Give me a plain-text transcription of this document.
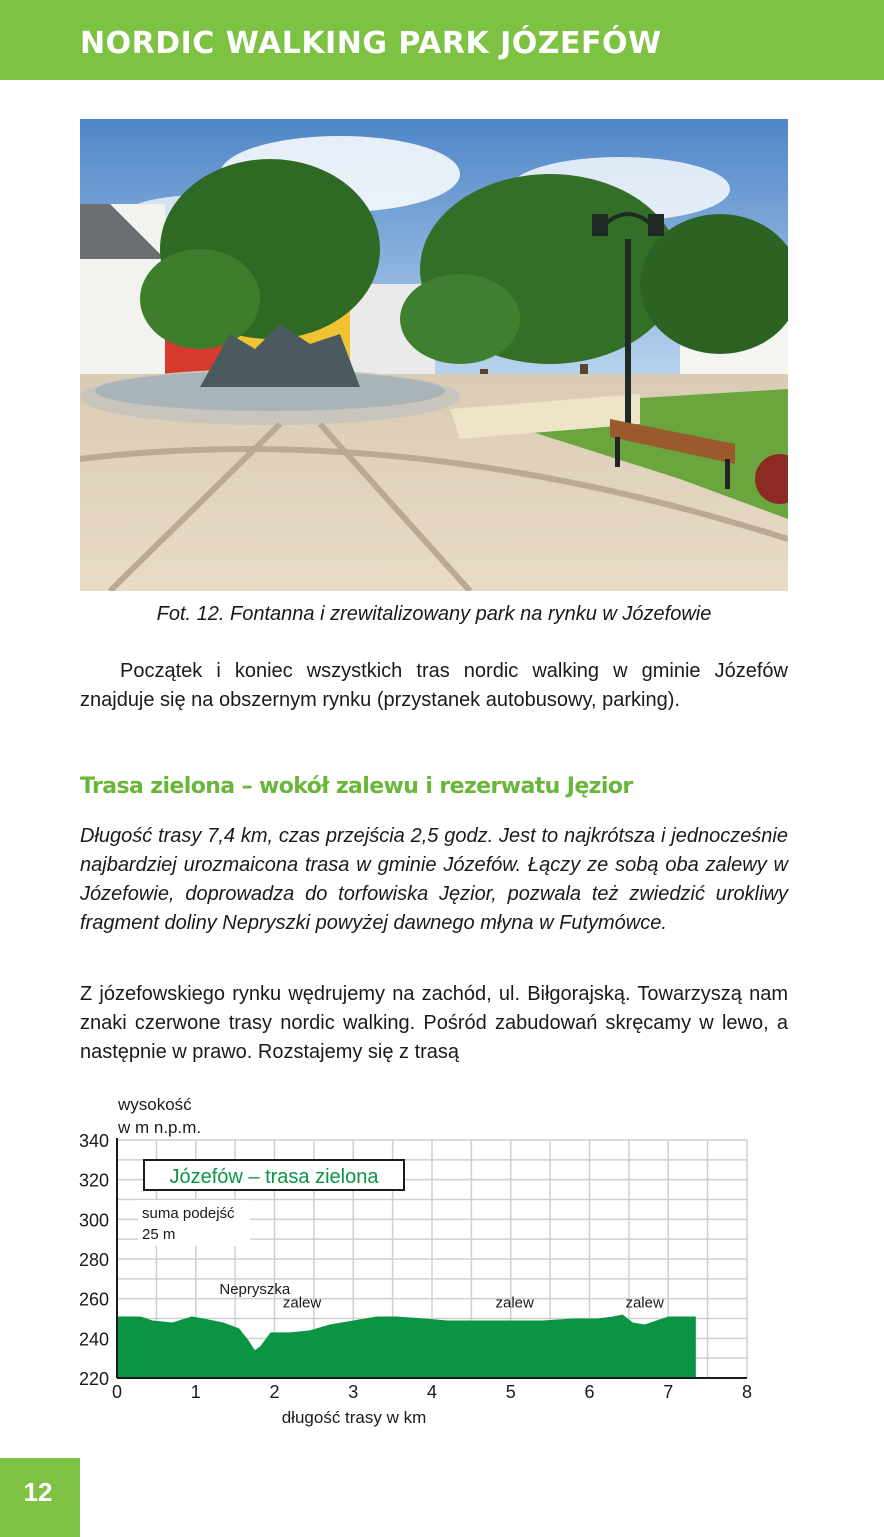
NORDIC WALKING PARK JÓZEFÓW

Fot. 12. Fontanna i zrewitalizowany park na rynku w Józefowie

Początek i koniec wszystkich tras nordic walking w gminie Józefów znajduje się na obszernym rynku (przystanek autobusowy, parking).

Trasa zielona – wokół zalewu i rezerwatu Jęzior

Długość trasy 7,4 km, czas przejścia 2,5 godz. Jest to najkrótsza i jednocześnie najbardziej urozmaicona trasa w gminie Józefów. Łączy ze sobą oba zalewy w Józefowie, doprowadza do torfowiska Jęzior, pozwala też zwiedzić urokliwy fragment doliny Nepryszki powyżej dawnego młyna w Futymówce.

Z józefowskiego rynku wędrujemy na zachód, ul. Biłgorajską. Towarzyszą nam znaki czerwone trasy nordic walking. Pośród zabudowań skręcamy w lewo, a następnie w prawo. Rozstajemy się z trasą

220
240
260
280
300
320
340
0	1	2	3	4	5	6	7	8
wysokość
w m n.p.m.
długość trasy w km
Józefów – trasa zielona
suma podejść
25 m
Nepryszka
zalew	zalew	zalew
12
